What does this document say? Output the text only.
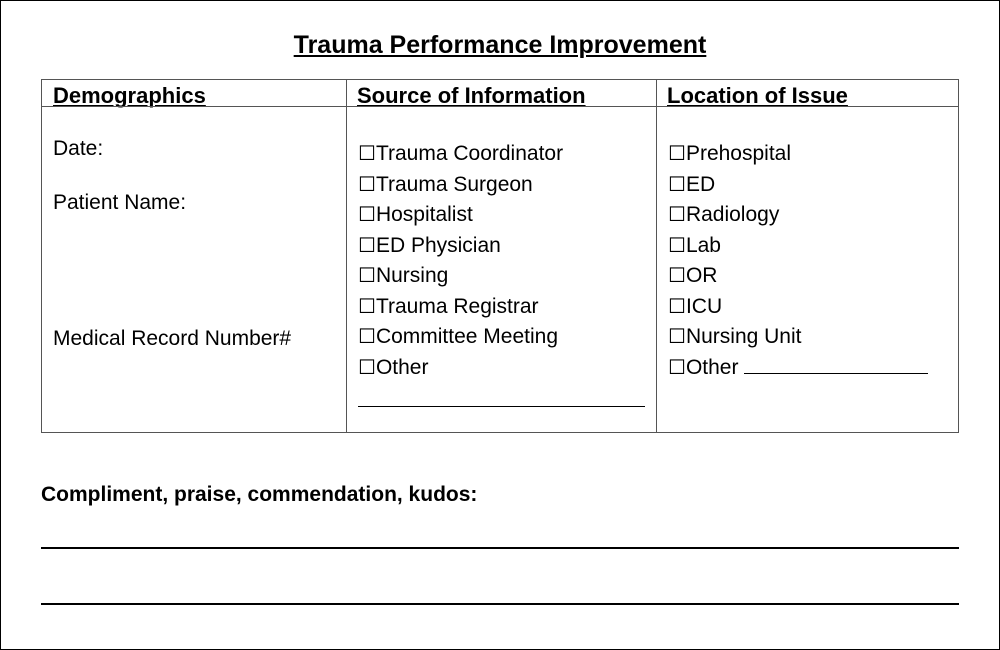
Trauma Performance Improvement
Demographics
Date:
Patient Name:
Medical Record Number#
Source of Information
☐Trauma Coordinator
☐Trauma Surgeon
☐Hospitalist
☐ED Physician
☐Nursing
☐Trauma Registrar
☐Committee Meeting
☐Other
Location of Issue
☐Prehospital
☐ED
☐Radiology
☐Lab
☐OR
☐ICU
☐Nursing Unit
☐Other
Compliment, praise, commendation, kudos:
